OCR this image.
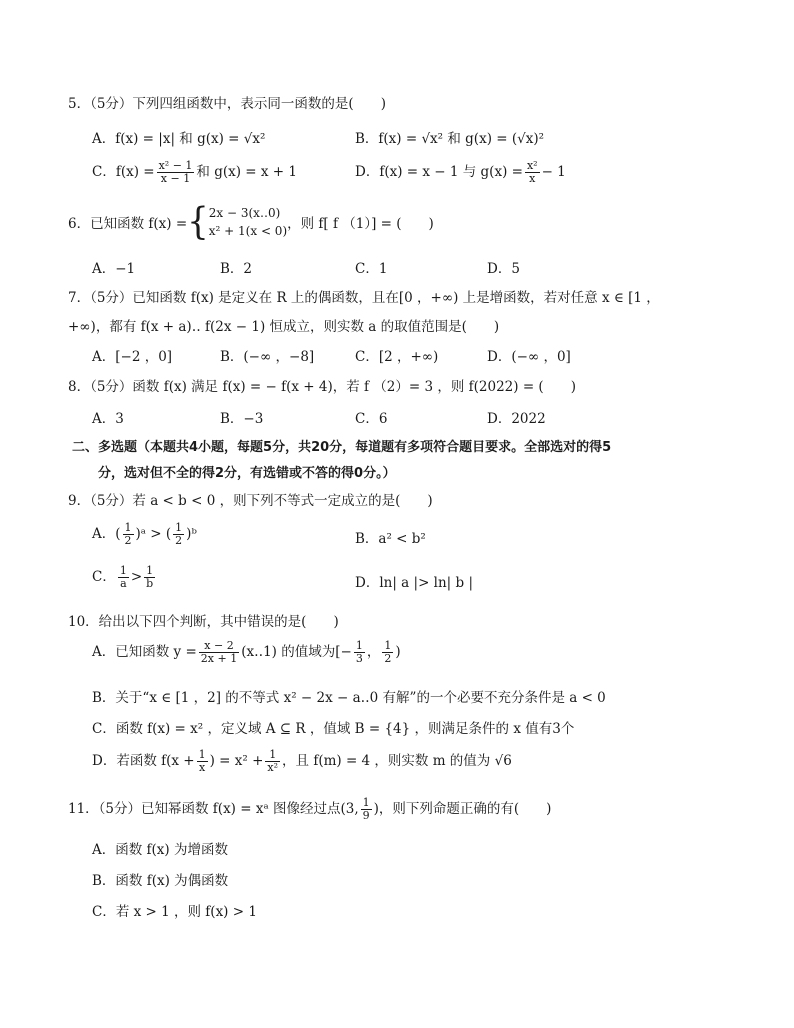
5．（5分）下列四组函数中，表示同一函数的是(　　)
A．f(x) = |x| 和 g(x) = √x²	B．f(x) = √x² 和 g(x) = (√x)²
C．$f(x) = \frac{\text{x² − 1}}{x - 1}$ 和 g(x) = x + 1	D．f(x) = x − 1 与 $g(x) = \frac{\text{x²}}{x} - 1$
6．已知函数 f(x) ={ 2x − 3(x‥0)
x² + 1(x < 0) ，则 f[ f （1）] = (　　)
A．−1	B．2	C．1	D．5
7．（5分）已知函数 f(x) 是定义在 R 上的偶函数，且在[0 ，+∞) 上是增函数，若对任意 x ∈ [1 ，
+∞)，都有 f(x + a)‥ f(2x − 1) 恒成立，则实数 a 的取值范围是(　　)
A．[−2 ，0]	B．(−∞ ，−8]	C．[2 ，+∞)	D．(−∞ ，0]
8．（5分）函数 f(x) 满足 f(x) = − f(x + 4)，若 f （2）= 3 ，则 f(2022) = (　　)
A．3	B．−3	C．6	D．2022
二、多选题（本题共4小题，每题5分，共20分，每道题有多项符合题目要求。全部选对的得5
分，选对但不全的得2分，有选错或不答的得0分。）
9．（5分）若 a < b < 0 ，则下列不等式一定成立的是(　　)
A．( $\frac{1}{2}$ )ᵃ > ( $\frac{1}{2}$ )ᵇ	B．a² < b²
C． $\frac{1}{a} > \frac{1}{b}$	D．ln| a |> ln| b |
10．给出以下四个判断，其中错误的是(　　)
A．已知函数 $y = \frac{x - 2}{2x + 1}$ (x‥1) 的值域为[− $\frac{1}{3}$ ， $\frac{1}{2}$ )
B．关于“x ∈ [1 ，2] 的不等式 x² − 2x − a‥0 有解”的一个必要不充分条件是 a < 0
C．函数 f(x) = x² ，定义域 A ⊆ R ，值域 B = {4} ，则满足条件的 x 值有3个
D．若函数 $f(x + \frac{1}{x}$ ) = $x^2 + \frac{1}{\text{x²}}$ ，且 f(m) = 4 ，则实数 m 的值为 √6
11．（5分）已知幂函数 f(x) = xᵃ 图像经过点(3, $\frac{1}{9}$ )，则下列命题正确的有(　　)
A．函数 f(x) 为增函数
B．函数 f(x) 为偶函数
C．若 x > 1 ，则 f(x) > 1
